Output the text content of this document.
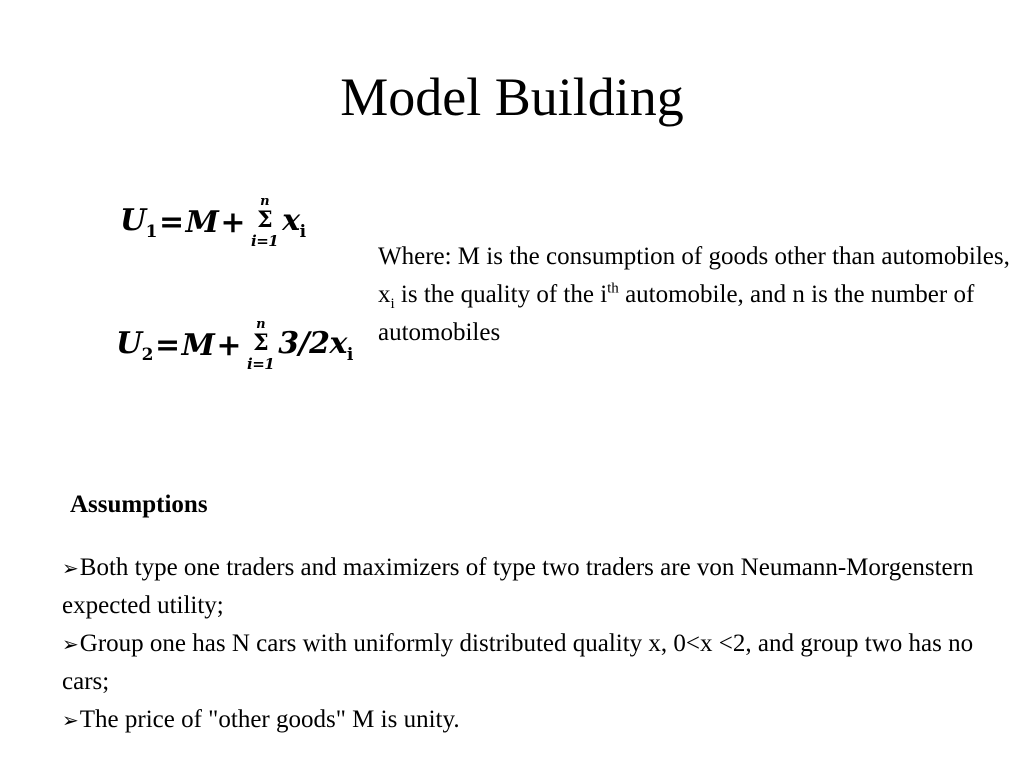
Model Building
$U_1 = M$ +
n
Σ
i=1
$x_i$
$U_2 = M$ +
n
Σ
i=1
$3/2x_i$
Where: M is the consumption of goods other than automobiles, $x_i$ is the quality of the $i^{th}$ automobile, and n is the number of automobiles
Assumptions

➢Both type one traders and maximizers of type two traders are von Neumann-Morgenstern expected utility;

➢Group one has N cars with uniformly distributed quality x, 0<x <2, and group two has no cars;

➢The price of "other goods" M is unity.
